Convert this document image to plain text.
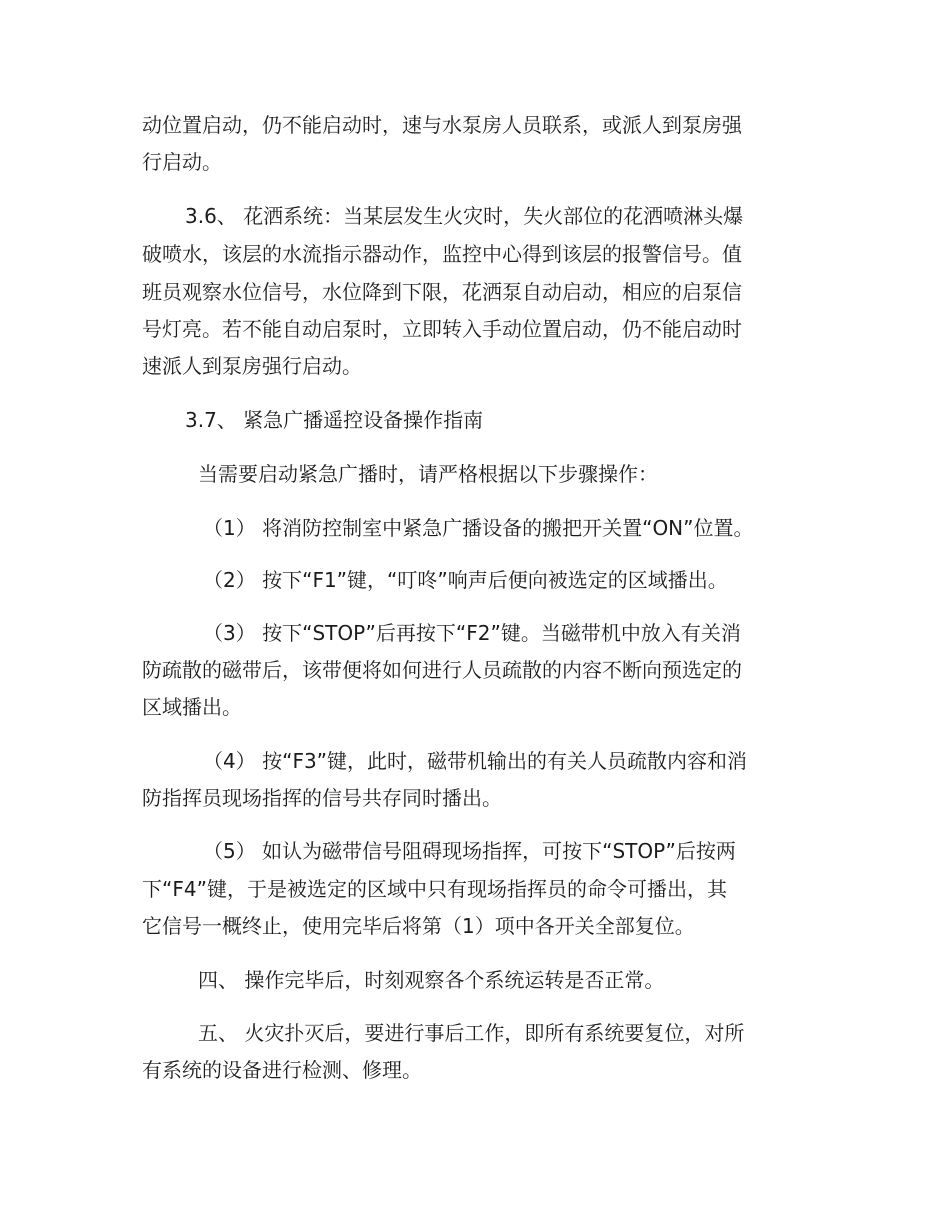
动位置启动，仍不能启动时，速与水泵房人员联系，或派人到泵房强
行启动。
3.6、 花洒系统：当某层发生火灾时，失火部位的花洒喷淋头爆
破喷水，该层的水流指示器动作，监控中心得到该层的报警信号。值
班员观察水位信号，水位降到下限，花洒泵自动启动，相应的启泵信
号灯亮。若不能自动启泵时，立即转入手动位置启动，仍不能启动时
速派人到泵房强行启动。
3.7、 紧急广播遥控设备操作指南
当需要启动紧急广播时，请严格根据以下步骤操作：
（1） 将消防控制室中紧急广播设备的搬把开关置“ON”位置。
（2） 按下“F1”键，“叮咚”响声后便向被选定的区域播出。
（3） 按下“STOP”后再按下“F2”键。当磁带机中放入有关消
防疏散的磁带后，该带便将如何进行人员疏散的内容不断向预选定的
区域播出。
（4） 按“F3”键，此时，磁带机输出的有关人员疏散内容和消
防指挥员现场指挥的信号共存同时播出。
（5） 如认为磁带信号阻碍现场指挥，可按下“STOP”后按两
下“F4”键，于是被选定的区域中只有现场指挥员的命令可播出，其
它信号一概终止，使用完毕后将第（1）项中各开关全部复位。
四、 操作完毕后，时刻观察各个系统运转是否正常。
五、 火灾扑灭后，要进行事后工作，即所有系统要复位，对所
有系统的设备进行检测、修理。
